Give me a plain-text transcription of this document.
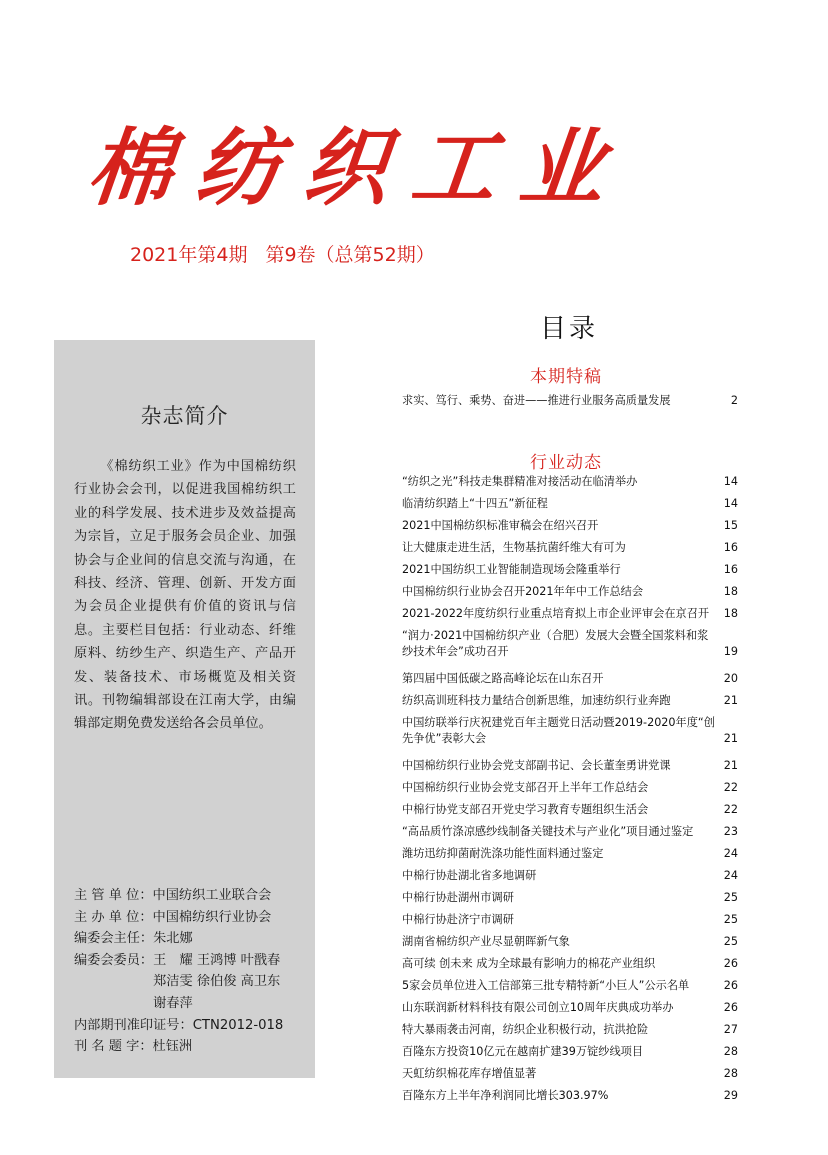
棉 纺 织 工 业
2021年第4期 第9卷（总第52期）
杂志简介

《棉纺织工业》作为中国棉纺织行业协会会刊，以促进我国棉纺织工业的科学发展、技术进步及效益提高为宗旨，立足于服务会员企业、加强协会与企业间的信息交流与沟通，在科技、经济、管理、创新、开发方面为会员企业提供有价值的资讯与信息。主要栏目包括：行业动态、纤维原料、纺纱生产、织造生产、产品开发、装备技术、市场概览及相关资讯。刊物编辑部设在江南大学，由编辑部定期免费发送给各会员单位。

主 管 单 位： 中国纺织工业联合会
主 办 单 位： 中国棉纺织行业协会
编委会主任： 朱北娜
编委会委员： 王　耀 王鸿博 叶戬春
郑洁雯 徐伯俊 高卫东
谢春萍
内部期刊准印证号： CTN2012-018
刊 名 题 字： 杜钰洲
目录
本期特稿
求实、笃行、乘势、奋进——推进行业服务高质量发展	2
行业动态
“纺织之光”科技走集群精准对接活动在临清举办	14
临清纺织踏上“十四五”新征程	14
2021中国棉纺织标准审稿会在绍兴召开	15
让大健康走进生活，生物基抗菌纤维大有可为	16
2021中国纺织工业智能制造现场会隆重举行	16
中国棉纺织行业协会召开2021年年中工作总结会	18
2021-2022年度纺织行业重点培育拟上市企业评审会在京召开	18
“润力·2021中国棉纺织产业（合肥）发展大会暨全国浆料和浆纱技术年会”成功召开	19
第四届中国低碳之路高峰论坛在山东召开	20
纺织高训班科技力量结合创新思维，加速纺织行业奔跑	21
中国纺联举行庆祝建党百年主题党日活动暨2019-2020年度“创先争优”表彰大会	21
中国棉纺织行业协会党支部副书记、会长董奎勇讲党课	21
中国棉纺织行业协会党支部召开上半年工作总结会	22
中棉行协党支部召开党史学习教育专题组织生活会	22
“高品质竹涤凉感纱线制备关键技术与产业化”项目通过鉴定	23
潍坊迅纺抑菌耐洗涤功能性面料通过鉴定	24
中棉行协赴湖北省多地调研	24
中棉行协赴湖州市调研	25
中棉行协赴济宁市调研	25
湖南省棉纺织产业尽显朝晖新气象	25
高可续 创未来 成为全球最有影响力的棉花产业组织	26
5家会员单位进入工信部第三批专精特新“小巨人”公示名单	26
山东联润新材料科技有限公司创立10周年庆典成功举办	26
特大暴雨袭击河南，纺织企业积极行动，抗洪抢险	27
百隆东方投资10亿元在越南扩建39万锭纱线项目	28
天虹纺织棉花库存增值显著	28
百隆东方上半年净利润同比增长303.97%	29
